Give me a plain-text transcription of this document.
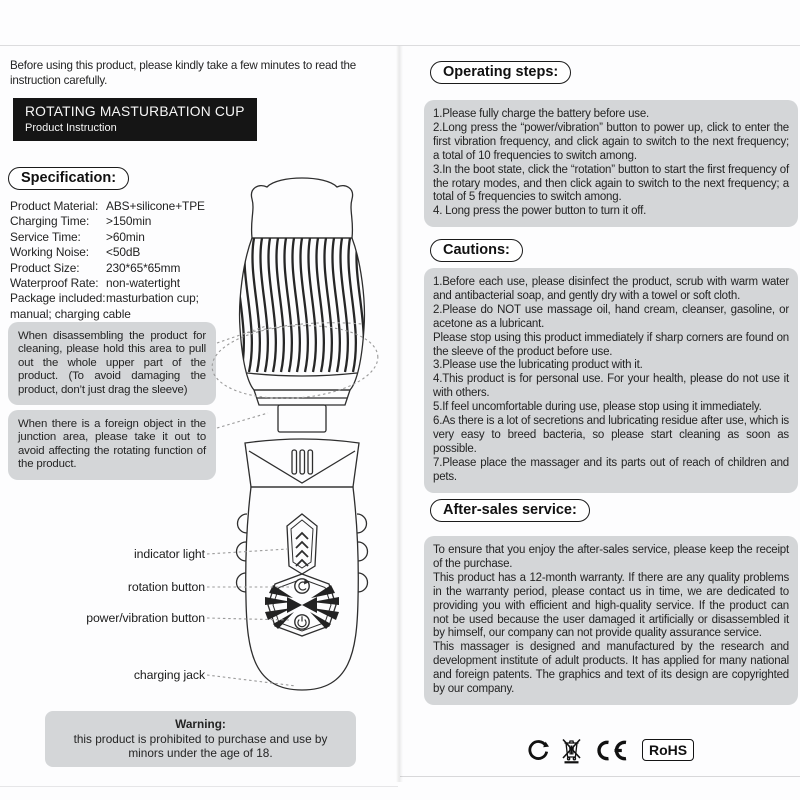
Before using this product, please kindly take a few minutes to read the instruction carefully.
ROTATING MASTURBATION CUP
Product Instruction
Specification:
Product Material: ABS+silicone+TPE
Charging Time: >150min
Service Time: >60min
Working Noise: <50dB
Product Size: 230*65*65mm
Waterproof Rate: non-watertight
Package included:masturbation cup; manual; charging cable
When disassembling the product for cleaning, please hold this area to pull out the whole upper part of the product. (To avoid damaging the product, don’t just drag the sleeve)
When there is a foreign object in the junction area, please take it out to avoid affecting the rotating function of the product.
indicator light
rotation button
power/vibration button
charging jack
Warning:
this product is prohibited to purchase and use by minors under the age of 18.
Operating steps:
1.Please fully charge the battery before use.
2.Long press the “power/vibration” button to power up, click to enter the first vibration frequency, and click again to switch to the next frequency; a total of 10 frequencies to switch among.
3.In the boot state, click the “rotation” button to start the first frequency of the rotary modes, and then click again to switch to the next frequency; a total of 5 frequencies to switch among.
4. Long press the power button to turn it off.
Cautions:
1.Before each use, please disinfect the product, scrub with warm water and antibacterial soap, and gently dry with a towel or soft cloth.
2.Please do NOT use massage oil, hand cream, cleanser, gasoline, or acetone as a lubricant.
Please stop using this product immediately if sharp corners are found on the sleeve of the product before use.
3.Please use the lubricating product with it.
4.This product is for personal use. For your health, please do not use it with others.
5.If feel uncomfortable during use, please stop using it immediately.
6.As there is a lot of secretions and lubricating residue after use, which is very easy to breed bacteria, so please start cleaning as soon as possible.
7.Please place the massager and its parts out of reach of children and pets.
After-sales service:
To ensure that you enjoy the after-sales service, please keep the receipt of the purchase.
This product has a 12-month warranty. If there are any quality problems in the warranty period, please contact us in time, we are dedicated to providing you with efficient and high-quality service. If the product can not be used because the user damaged it artificially or disassembled it by himself, our company can not provide quality assurance service.
This massager is designed and manufactured by the research and development institute of adult products. It has applied for many national and foreign patents. The graphics and text of its design are copyrighted by our company.
RoHS
